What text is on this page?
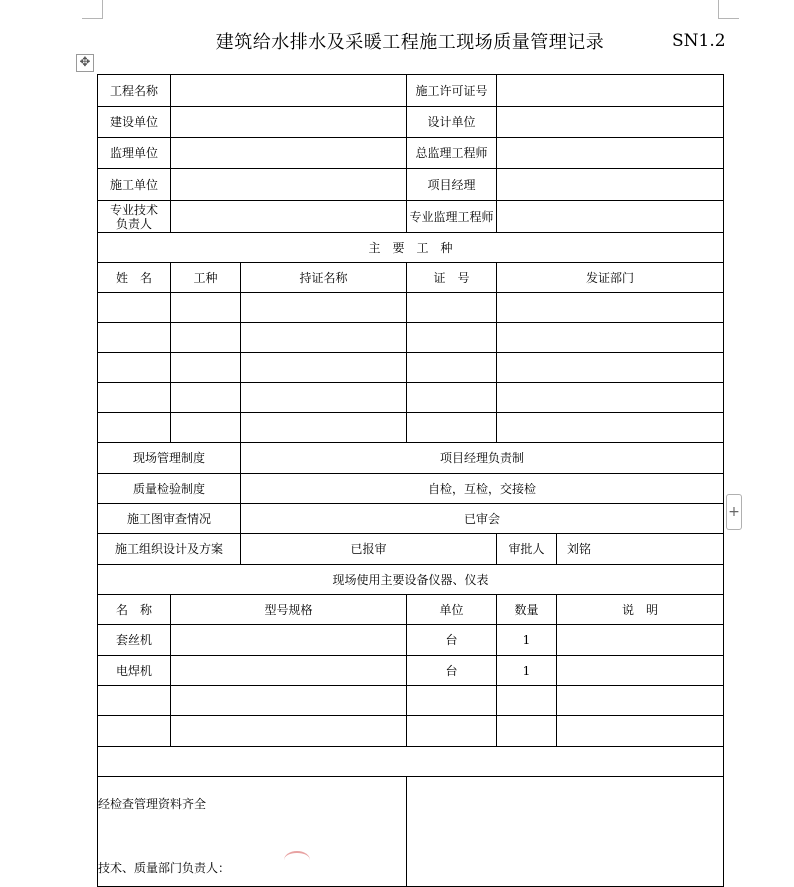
✥
+
建筑给水排水及采暖工程施工现场质量管理记录	SN1.2
工程名称			施工许可证号		
建设单位			设计单位		
监理单位			总监理工程师		
施工单位			项目经理		
专业技术负责人			专业监理工程师		
主　要　工　种					
姓　名	工种	持证名称	证　号	发证部门	

现场管理制度		项目经理负责制			
质量检验制度		自检，互检，交接检			
施工图审查情况		已审会			
施工组织设计及方案		已报审		审批人	刘铭
现场使用主要设备仪器、仪表					
名　称	型号规格		单位	数量	说　明
套丝机			台	1	
电焊机			台	1	

经检查管理资料齐全
技术、质量部门负责人：					
